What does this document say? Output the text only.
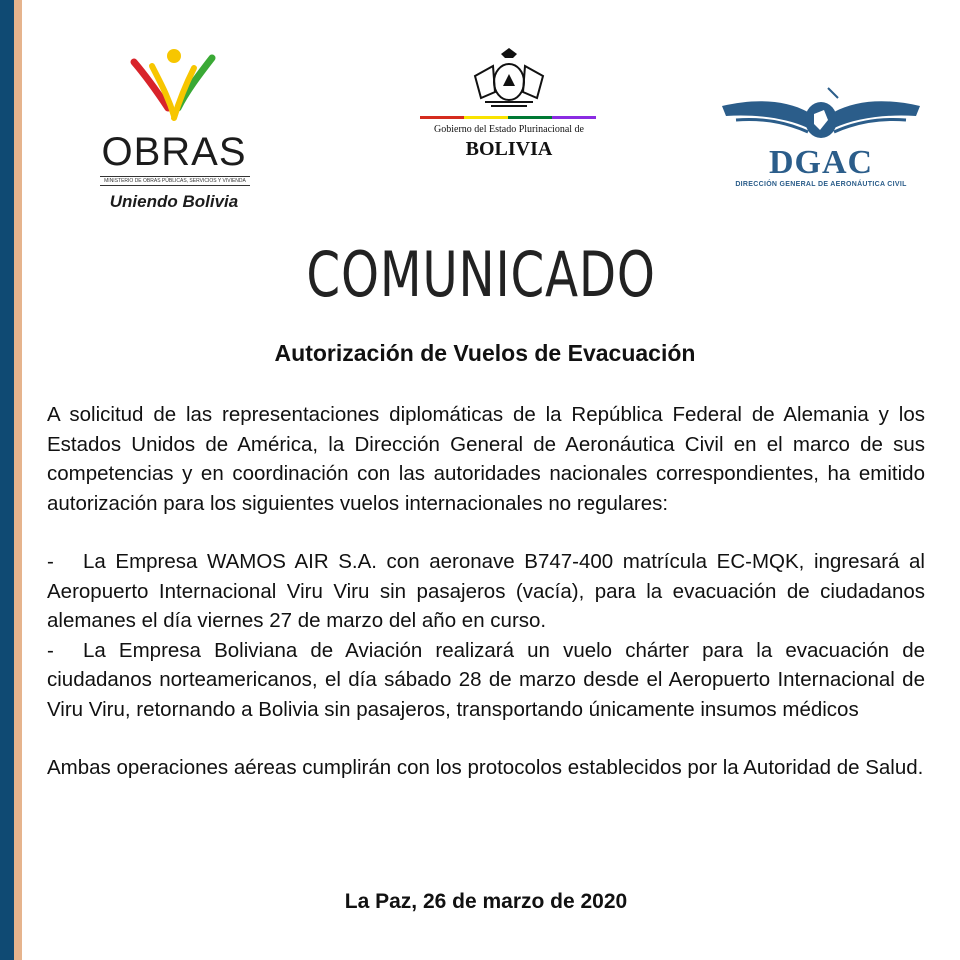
OBRAS
MINISTERIO DE OBRAS PÚBLICAS, SERVICIOS Y VIVIENDA
Uniendo Bolivia
Gobierno del Estado Plurinacional de
BOLIVIA	DGAC
DIRECCIÓN GENERAL DE AERONÁUTICA CIVIL
COMUNICADO
Autorización de Vuelos de Evacuación

A solicitud de las representaciones diplomáticas de la República Federal de Alemania y los Estados Unidos de América, la Dirección General de Aeronáutica Civil en el marco de sus competencias y en coordinación con las autoridades nacionales correspondientes, ha emitido autorización para los siguientes vuelos internacionales no regulares:

- La Empresa WAMOS AIR S.A. con aeronave B747-400 matrícula EC-MQK, ingresará al Aeropuerto Internacional Viru Viru sin pasajeros (vacía), para la evacuación de ciudadanos alemanes el día viernes 27 de marzo del año en curso.

- La Empresa Boliviana de Aviación realizará un vuelo chárter para la evacuación de ciudadanos norteamericanos, el día sábado 28 de marzo desde el Aeropuerto Internacional de Viru Viru, retornando a Bolivia sin pasajeros, transportando únicamente insumos médicos

Ambas operaciones aéreas cumplirán con los protocolos establecidos por la Autoridad de Salud.

La Paz, 26 de marzo de 2020
